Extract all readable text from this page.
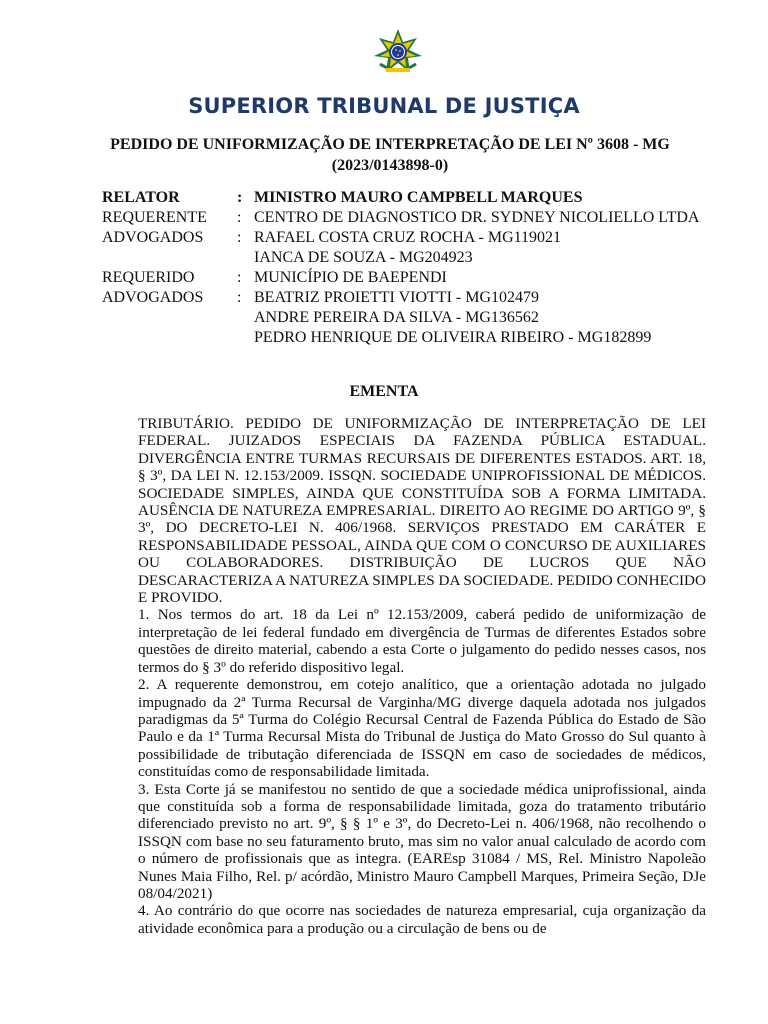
SUPERIOR TRIBUNAL DE JUSTIÇA
PEDIDO DE UNIFORMIZAÇÃO DE INTERPRETAÇÃO DE LEI Nº 3608 - MG (2023/0143898-0)
RELATOR	: MINISTRO MAURO CAMPBELL MARQUES
REQUERENTE	: CENTRO DE DIAGNOSTICO DR. SYDNEY NICOLIELLO LTDA
ADVOGADOS	: RAFAEL COSTA CRUZ ROCHA - MG119021
IANCA DE SOUZA - MG204923
REQUERIDO	: MUNICÍPIO DE BAEPENDI
ADVOGADOS	: BEATRIZ PROIETTI VIOTTI - MG102479
ANDRE PEREIRA DA SILVA - MG136562
PEDRO HENRIQUE DE OLIVEIRA RIBEIRO - MG182899
EMENTA

TRIBUTÁRIO. PEDIDO DE UNIFORMIZAÇÃO DE INTERPRETAÇÃO DE LEI FEDERAL. JUIZADOS ESPECIAIS DA FAZENDA PÚBLICA ESTADUAL. DIVERGÊNCIA ENTRE TURMAS RECURSAIS DE DIFERENTES ESTADOS. ART. 18, § 3º, DA LEI N. 12.153/2009. ISSQN. SOCIEDADE UNIPROFISSIONAL DE MÉDICOS. SOCIEDADE SIMPLES, AINDA QUE CONSTITUÍDA SOB A FORMA LIMITADA. AUSÊNCIA DE NATUREZA EMPRESARIAL. DIREITO AO REGIME DO ARTIGO 9º, § 3º, DO DECRETO-LEI N. 406/1968. SERVIÇOS PRESTADO EM CARÁTER E RESPONSABILIDADE PESSOAL, AINDA QUE COM O CONCURSO DE AUXILIARES OU COLABORADORES. DISTRIBUIÇÃO DE LUCROS QUE NÃO DESCARACTERIZA A NATUREZA SIMPLES DA SOCIEDADE. PEDIDO CONHECIDO E PROVIDO.

1. Nos termos do art. 18 da Lei nº 12.153/2009, caberá pedido de uniformização de interpretação de lei federal fundado em divergência de Turmas de diferentes Estados sobre questões de direito material, cabendo a esta Corte o julgamento do pedido nesses casos, nos termos do § 3º do referido dispositivo legal.

2. A requerente demonstrou, em cotejo analítico, que a orientação adotada no julgado impugnado da 2ª Turma Recursal de Varginha/MG diverge daquela adotada nos julgados paradigmas da 5ª Turma do Colégio Recursal Central de Fazenda Pública do Estado de São Paulo e da 1ª Turma Recursal Mista do Tribunal de Justiça do Mato Grosso do Sul quanto à possibilidade de tributação diferenciada de ISSQN em caso de sociedades de médicos, constituídas como de responsabilidade limitada.

3. Esta Corte já se manifestou no sentido de que a sociedade médica uniprofissional, ainda que constituída sob a forma de responsabilidade limitada, goza do tratamento tributário diferenciado previsto no art. 9º, § § 1º e 3º, do Decreto-Lei n. 406/1968, não recolhendo o ISSQN com base no seu faturamento bruto, mas sim no valor anual calculado de acordo com o número de profissionais que as integra. (EAREsp 31084 / MS, Rel. Ministro Napoleão Nunes Maia Filho, Rel. p/ acórdão, Ministro Mauro Campbell Marques, Primeira Seção, DJe 08/04/2021)

4. Ao contrário do que ocorre nas sociedades de natureza empresarial, cuja organização da atividade econômica para a produção ou a circulação de bens ou de
